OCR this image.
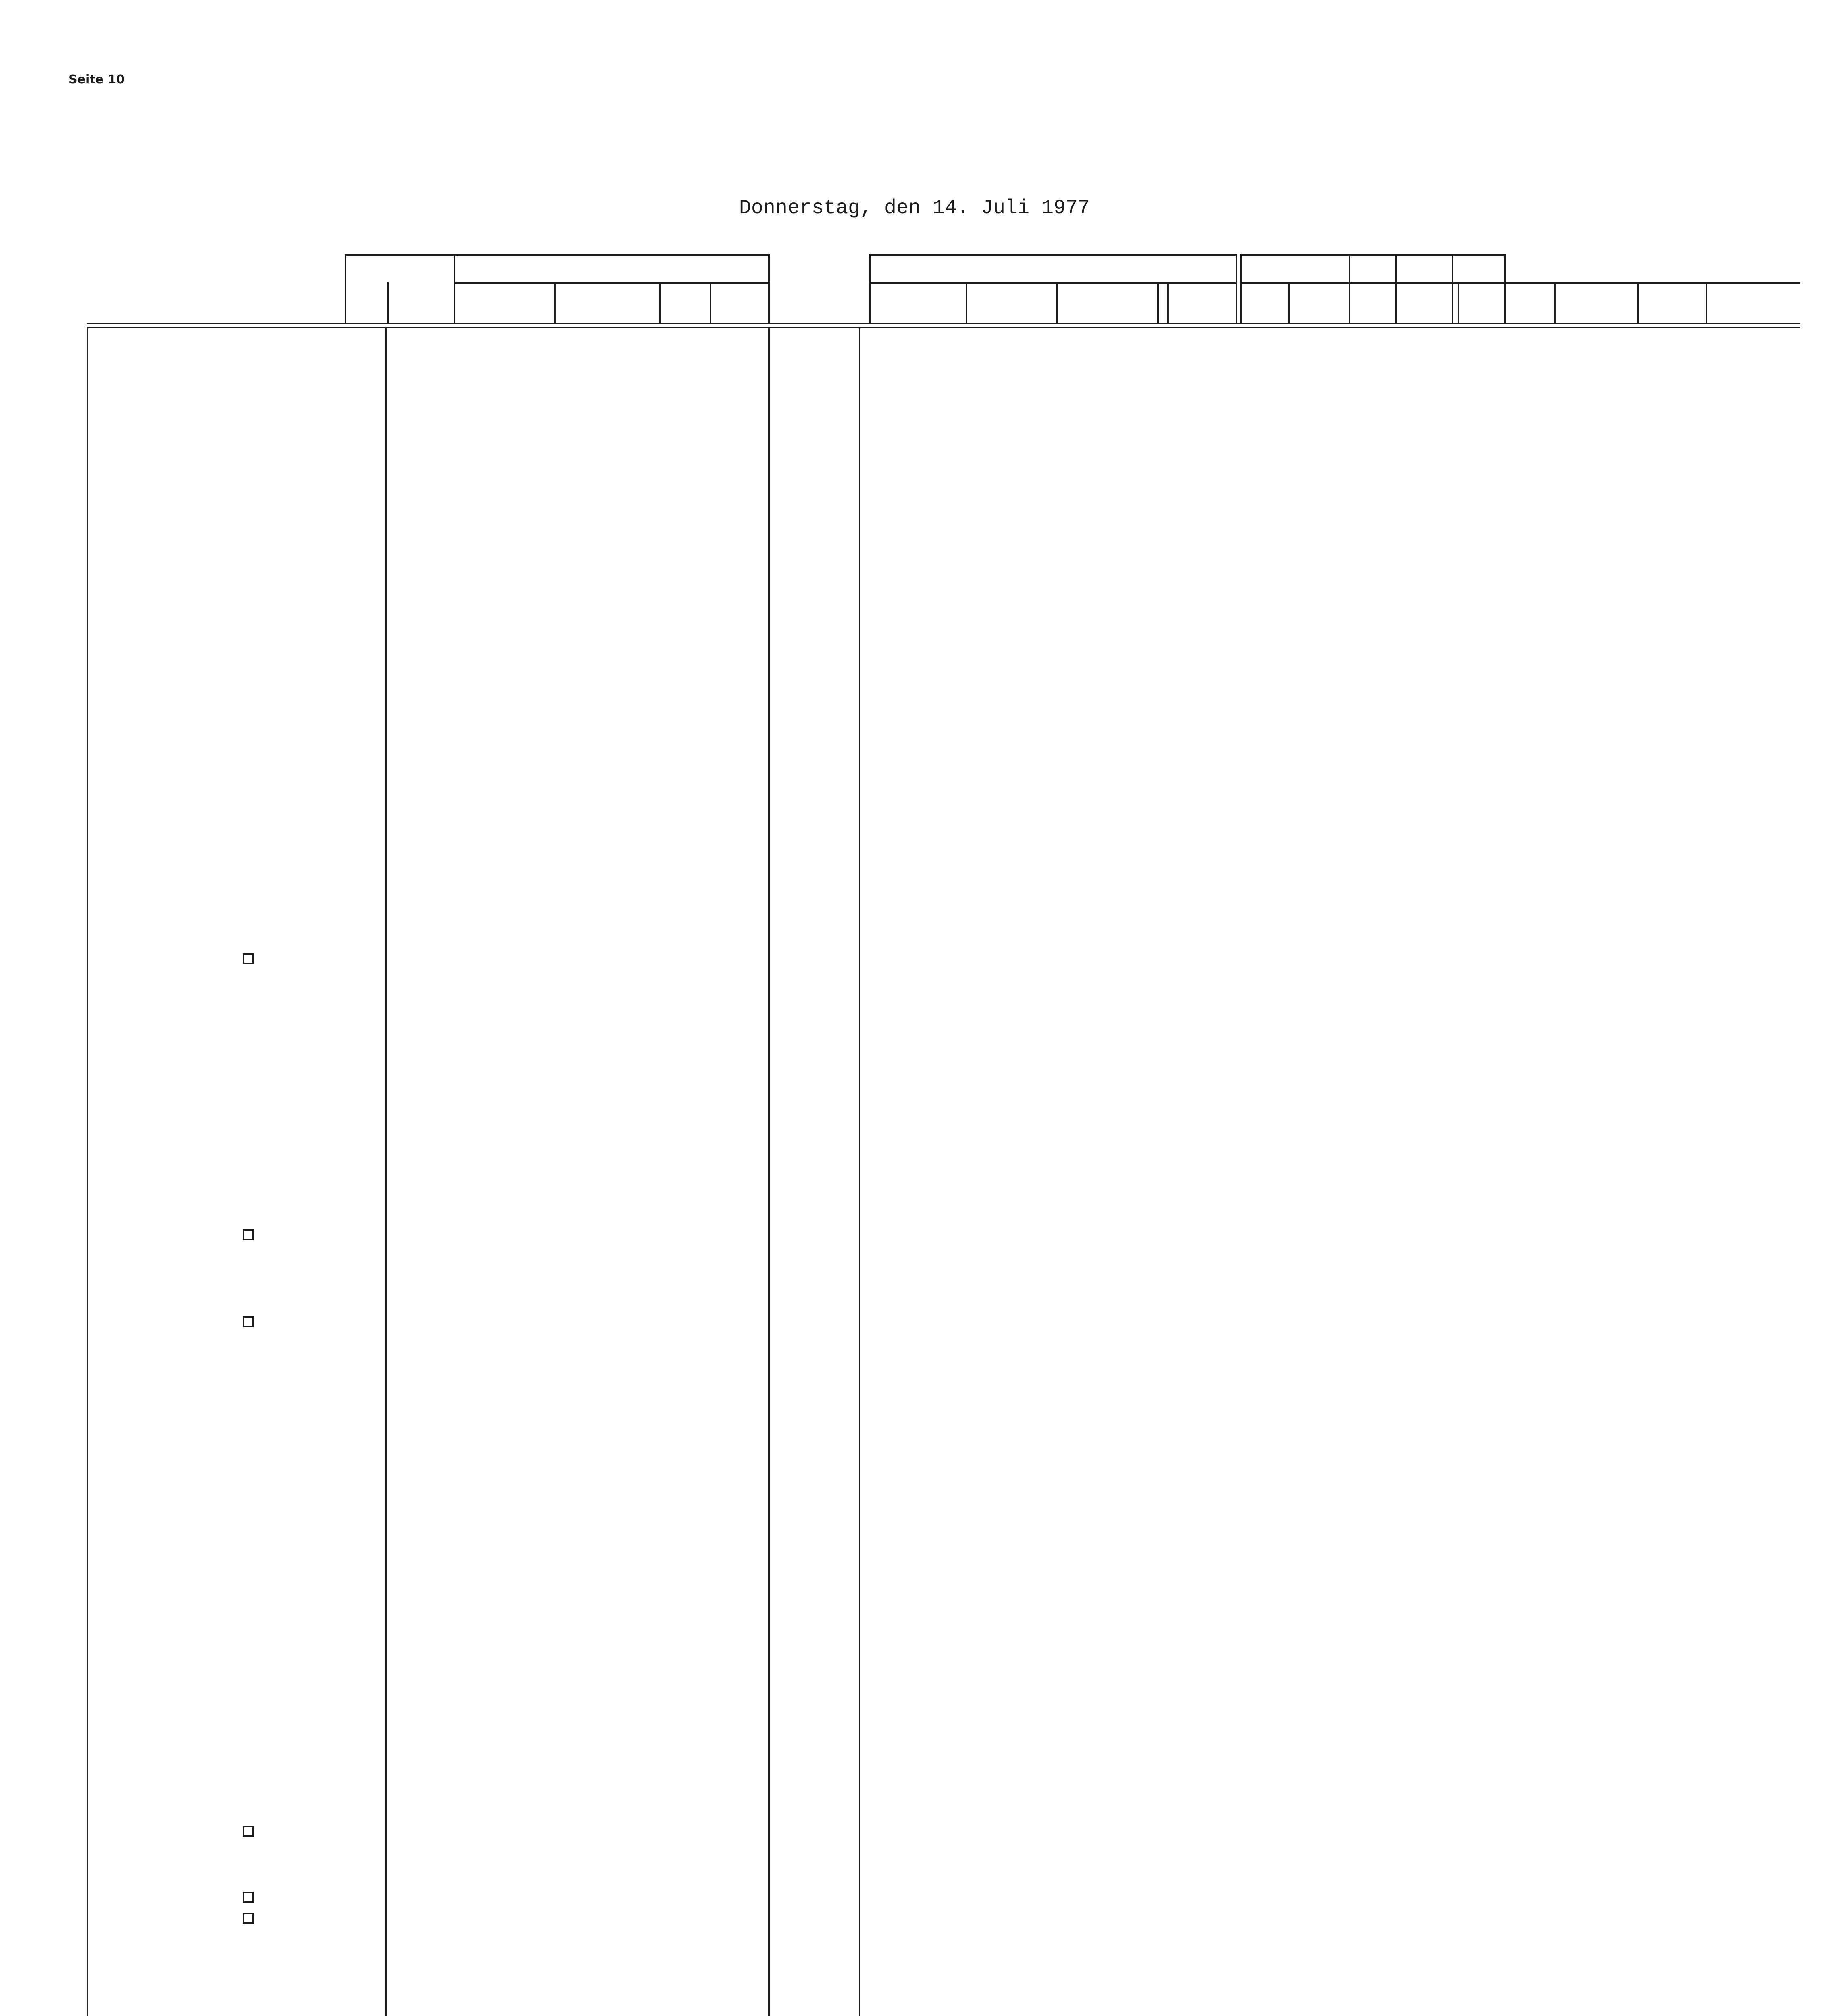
Seite 10
Donnerstag, den 14. Juli 1977
